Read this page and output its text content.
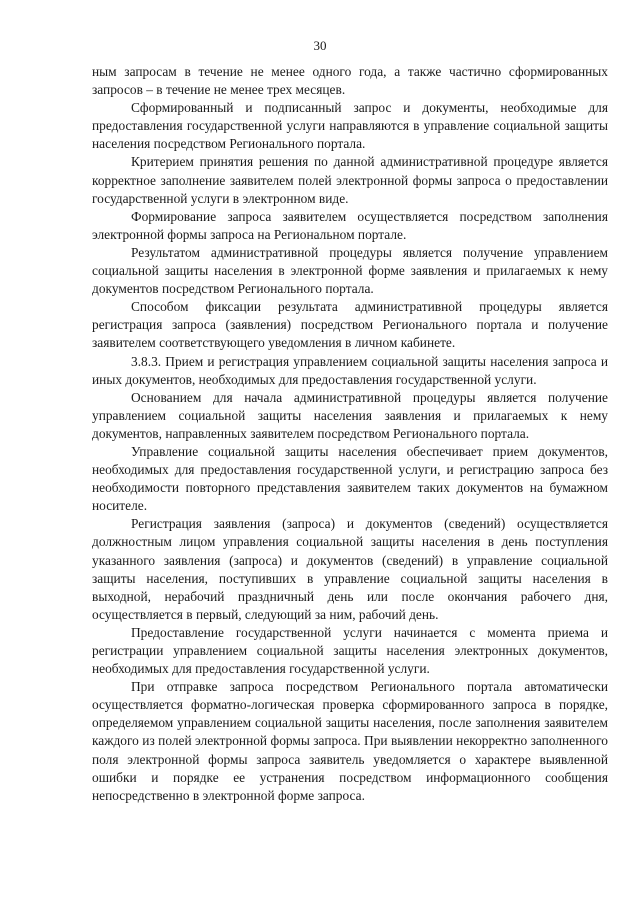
30

ным запросам в течение не менее одного года, а также частично сформированных запросов – в течение не менее трех месяцев.

Сформированный и подписанный запрос и документы, необходимые для предоставления государственной услуги направляются в управление социальной защиты населения посредством Регионального портала.

Критерием принятия решения по данной административной процедуре является корректное заполнение заявителем полей электронной формы запроса о предоставлении государственной услуги в электронном виде.

Формирование запроса заявителем осуществляется посредством заполнения электронной формы запроса на Региональном портале.

Результатом административной процедуры является получение управлением социальной защиты населения в электронной форме заявления и прилагаемых к нему документов посредством Регионального портала.

Способом фиксации результата административной процедуры является регистрация запроса (заявления) посредством Регионального портала и получение заявителем соответствующего уведомления в личном кабинете.

3.8.3. Прием и регистрация управлением социальной защиты населения запроса и иных документов, необходимых для предоставления государственной услуги.

Основанием для начала административной процедуры является получение управлением социальной защиты населения заявления и прилагаемых к нему документов, направленных заявителем посредством Регионального портала.

Управление социальной защиты населения обеспечивает прием документов, необходимых для предоставления государственной услуги, и регистрацию запроса без необходимости повторного представления заявителем таких документов на бумажном носителе.

Регистрация заявления (запроса) и документов (сведений) осуществляется должностным лицом управления социальной защиты населения в день поступления указанного заявления (запроса) и документов (сведений) в управление социальной защиты населения, поступивших в управление социальной защиты населения в выходной, нерабочий праздничный день или после окончания рабочего дня, осуществляется в первый, следующий за ним, рабочий день.

Предоставление государственной услуги начинается с момента приема и регистрации управлением социальной защиты населения электронных документов, необходимых для предоставления государственной услуги.

При отправке запроса посредством Регионального портала автоматически осуществляется форматно-логическая проверка сформированного запроса в порядке, определяемом управлением социальной защиты населения, после заполнения заявителем каждого из полей электронной формы запроса. При выявлении некорректно заполненного поля электронной формы запроса заявитель уведомляется о характере выявленной ошибки и порядке ее устранения посредством информационного сообщения непосредственно в электронной форме запроса.
